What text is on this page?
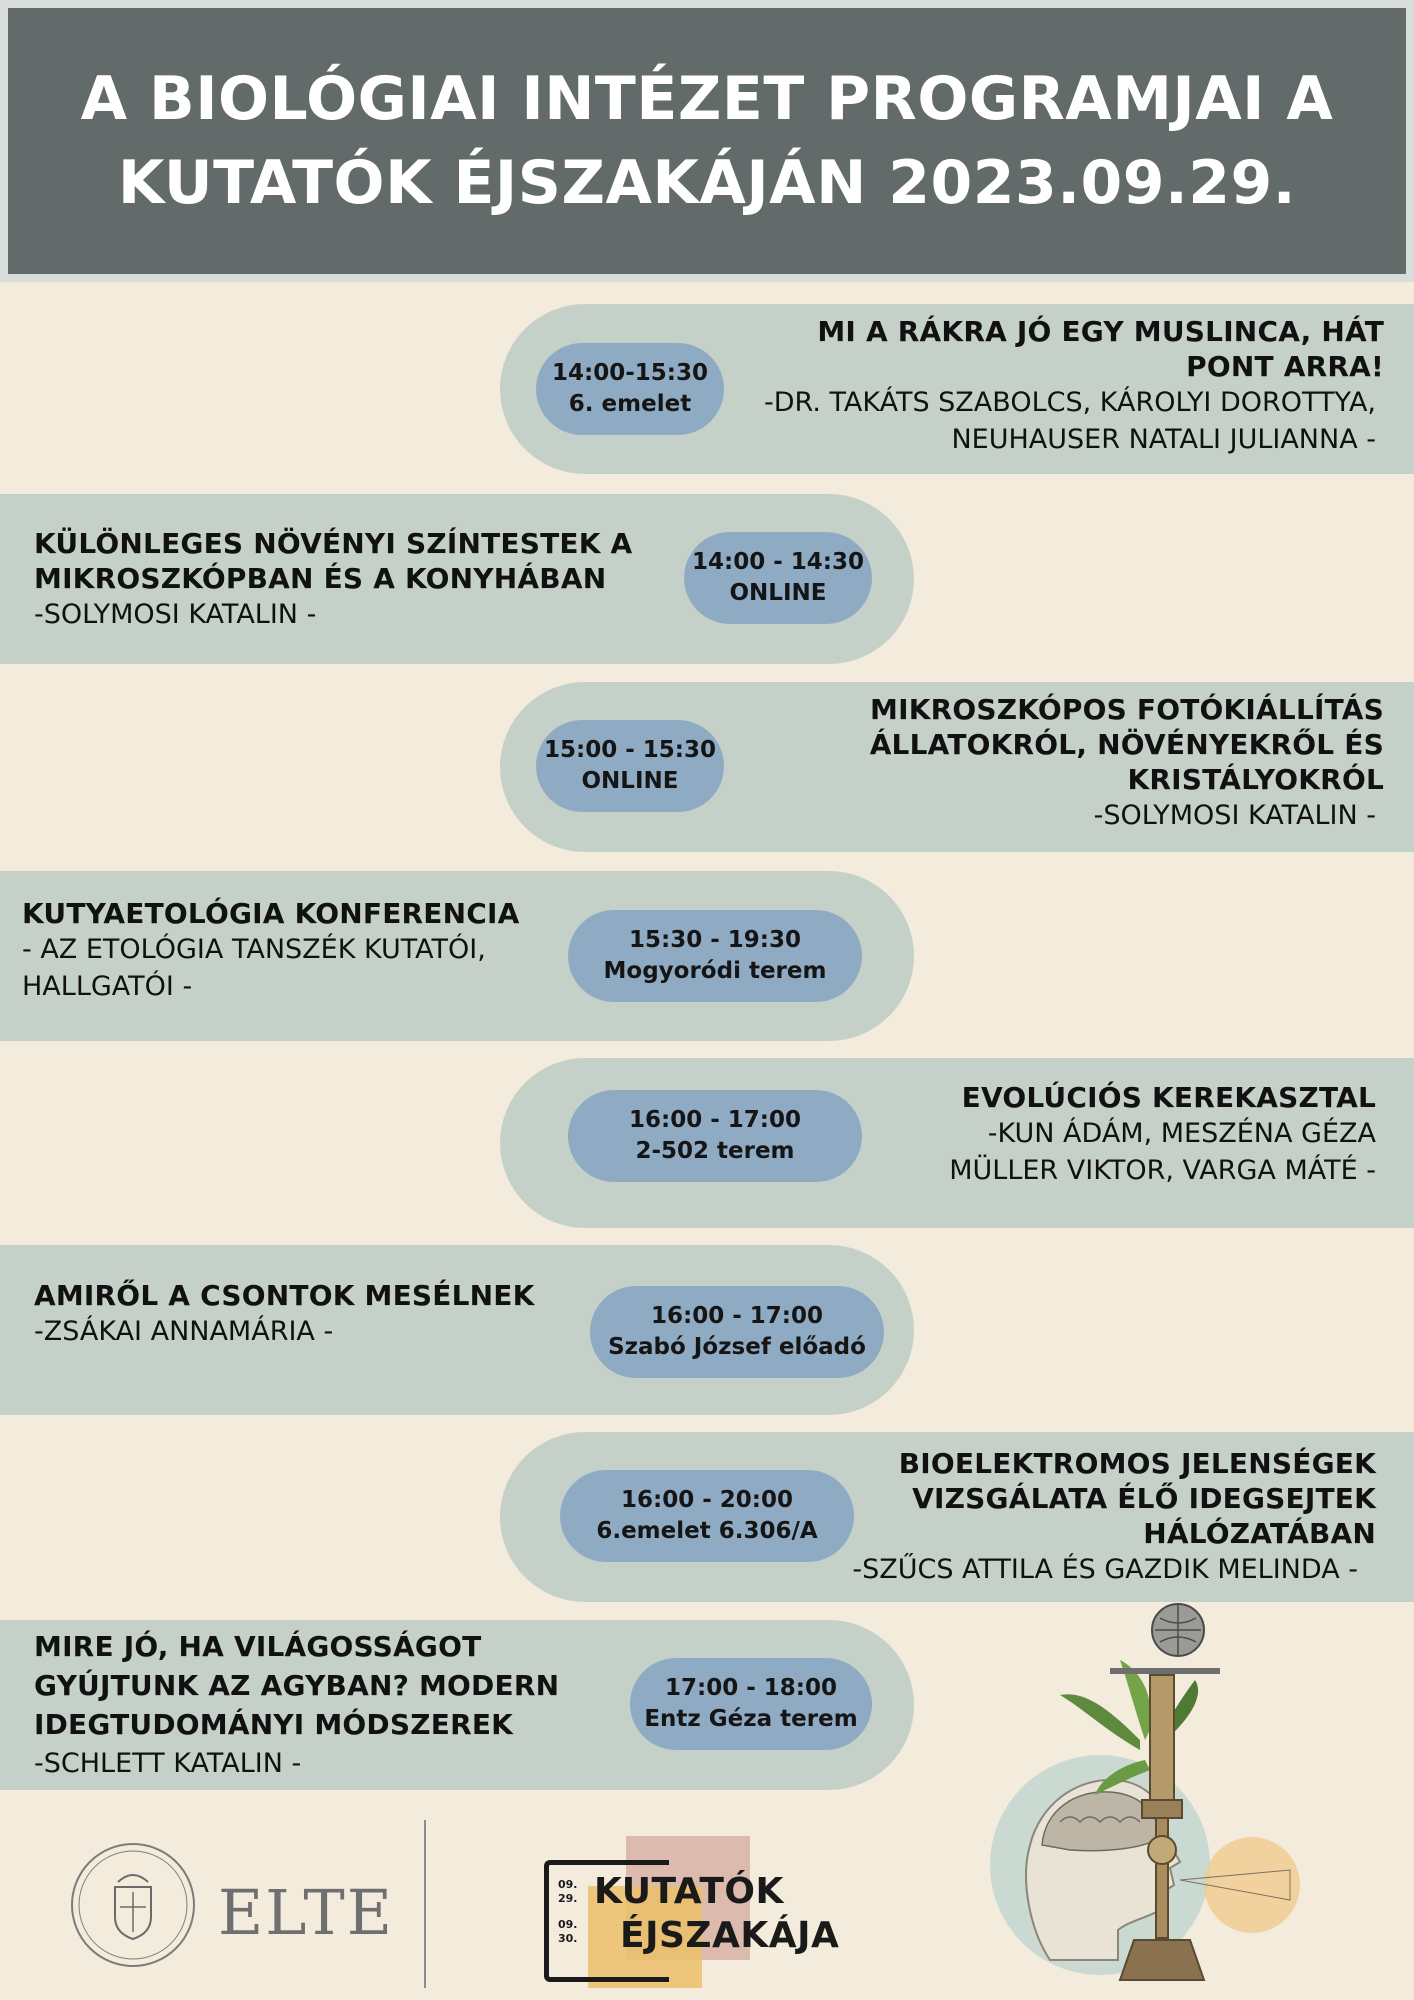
A BIOLÓGIAI INTÉZET PROGRAMJAI A
KUTATÓK ÉJSZAKÁJÁN 2023.09.29.
14:00-15:30
6. emelet
MI A RÁKRA JÓ EGY MUSLINCA, HÁT PONT ARRA!
-DR. TAKÁTS SZABOLCS, KÁROLYI DOROTTYA, NEUHAUSER NATALI JULIANNA -
14:00 - 14:30
ONLINE
KÜLÖNLEGES NÖVÉNYI SZÍNTESTEK A MIKROSZKÓPBAN ÉS A KONYHÁBAN
-SOLYMOSI KATALIN -
15:00 - 15:30
ONLINE
MIKROSZKÓPOS FOTÓKIÁLLÍTÁS ÁLLATOKRÓL, NÖVÉNYEKRŐL ÉS KRISTÁLYOKRÓL
-SOLYMOSI KATALIN -
15:30 - 19:30
Mogyoródi terem
KUTYAETOLÓGIA KONFERENCIA
- AZ ETOLÓGIA TANSZÉK KUTATÓI, HALLGATÓI -
16:00 - 17:00
2-502 terem
EVOLÚCIÓS KEREKASZTAL
-KUN ÁDÁM, MESZÉNA GÉZA MÜLLER VIKTOR, VARGA MÁTÉ -
16:00 - 17:00
Szabó József előadó
AMIRŐL A CSONTOK MESÉLNEK
-ZSÁKAI ANNAMÁRIA -
16:00 - 20:00
6.emelet 6.306/A
BIOELEKTROMOS JELENSÉGEK VIZSGÁLATA ÉLŐ IDEGSEJTEK HÁLÓZATÁBAN
-SZŰCS ATTILA ÉS GAZDIK MELINDA -
17:00 - 18:00
Entz Géza terem
MIRE JÓ, HA VILÁGOSSÁGOT GYÚJTUNK AZ AGYBAN? MODERN IDEGTUDOMÁNYI MÓDSZEREK
-SCHLETT KATALIN -
ELTE	09.
29.
09.
30.
KUTATÓK
ÉJSZAKÁJA
